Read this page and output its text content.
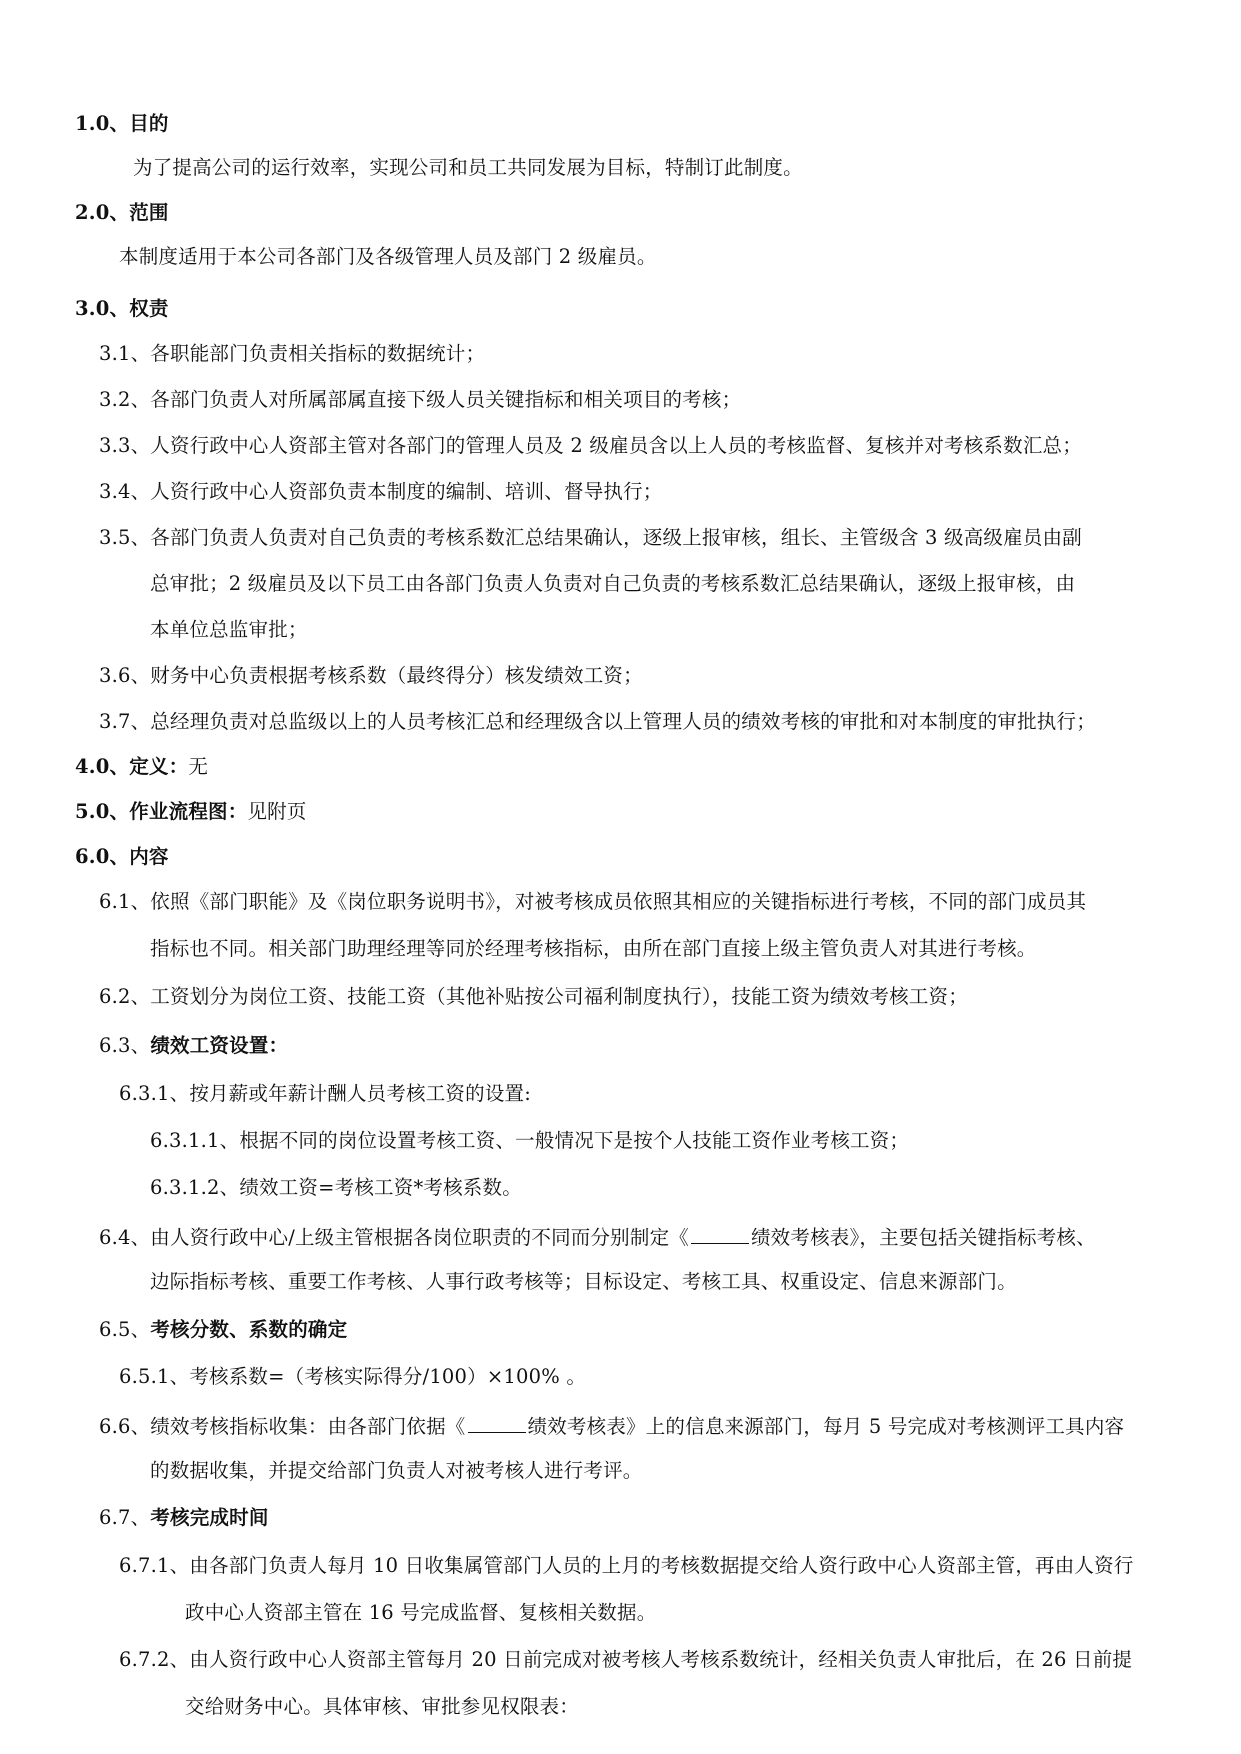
1.0、目的
为了提高公司的运行效率，实现公司和员工共同发展为目标，特制订此制度。
2.0、范围
本制度适用于本公司各部门及各级管理人员及部门 2 级雇员。
3.0、权责
3.1、各职能部门负责相关指标的数据统计；
3.2、各部门负责人对所属部属直接下级人员关键指标和相关项目的考核；
3.3、人资行政中心人资部主管对各部门的管理人员及 2 级雇员含以上人员的考核监督、复核并对考核系数汇总；
3.4、人资行政中心人资部负责本制度的编制、培训、督导执行；
3.5、各部门负责人负责对自己负责的考核系数汇总结果确认，逐级上报审核，组长、主管级含 3 级高级雇员由副
总审批；2 级雇员及以下员工由各部门负责人负责对自己负责的考核系数汇总结果确认，逐级上报审核，由
本单位总监审批；
3.6、财务中心负责根据考核系数（最终得分）核发绩效工资；
3.7、总经理负责对总监级以上的人员考核汇总和经理级含以上管理人员的绩效考核的审批和对本制度的审批执行；
4.0、定义：无
5.0、作业流程图：见附页
6.0、内容
6.1、依照《部门职能》及《岗位职务说明书》，对被考核成员依照其相应的关键指标进行考核，不同的部门成员其
指标也不同。相关部门助理经理等同於经理考核指标，由所在部门直接上级主管负责人对其进行考核。
6.2、工资划分为岗位工资、技能工资（其他补贴按公司福利制度执行），技能工资为绩效考核工资；
6.3、绩效工资设置：
6.3.1、按月薪或年薪计酬人员考核工资的设置:
6.3.1.1、根据不同的岗位设置考核工资、一般情况下是按个人技能工资作业考核工资；
6.3.1.2、绩效工资=考核工资*考核系数。
6.4、由人资行政中心/上级主管根据各岗位职责的不同而分别制定《	绩效考核表》，主要包括关键指标考核、
边际指标考核、重要工作考核、人事行政考核等；目标设定、考核工具、权重设定、信息来源部门。
6.5、考核分数、系数的确定
6.5.1、考核系数=（考核实际得分/100）×100% 。
6.6、绩效考核指标收集：由各部门依据《	绩效考核表》上的信息来源部门，每月 5 号完成对考核测评工具内容
的数据收集，并提交给部门负责人对被考核人进行考评。
6.7、考核完成时间
6.7.1、由各部门负责人每月 10 日收集属管部门人员的上月的考核数据提交给人资行政中心人资部主管，再由人资行
政中心人资部主管在 16 号完成监督、复核相关数据。
6.7.2、由人资行政中心人资部主管每月 20 日前完成对被考核人考核系数统计，经相关负责人审批后，在 26 日前提
交给财务中心。具体审核、审批参见权限表：
